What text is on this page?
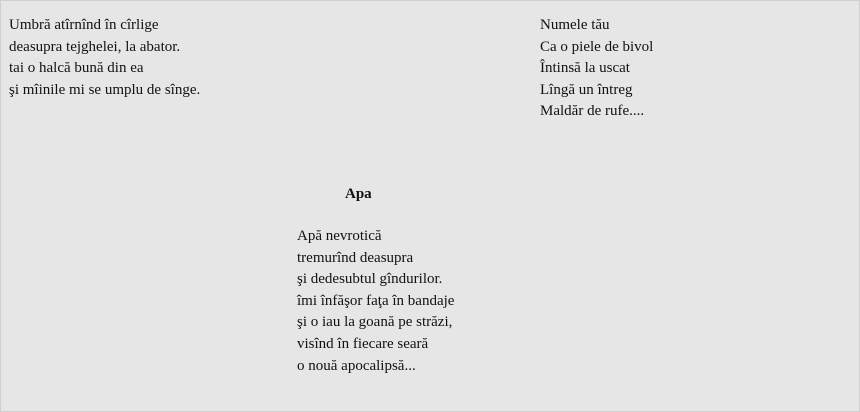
Umbră atîrnînd în cîrlige
deasupra tejghelei, la abator.
tai o halcă bună din ea
şi mîinile mi se umplu de sînge.
Numele tău
Ca o piele de bivol
Întinsă la uscat
Lîngă un întreg
Maldăr de rufe....
Apa
Apă nevrotică
tremurînd deasupra
şi dedesubtul gîndurilor.
îmi înfăşor faţa în bandaje
şi o iau la goană pe străzi,
visînd în fiecare seară
o nouă apocalipsă...
